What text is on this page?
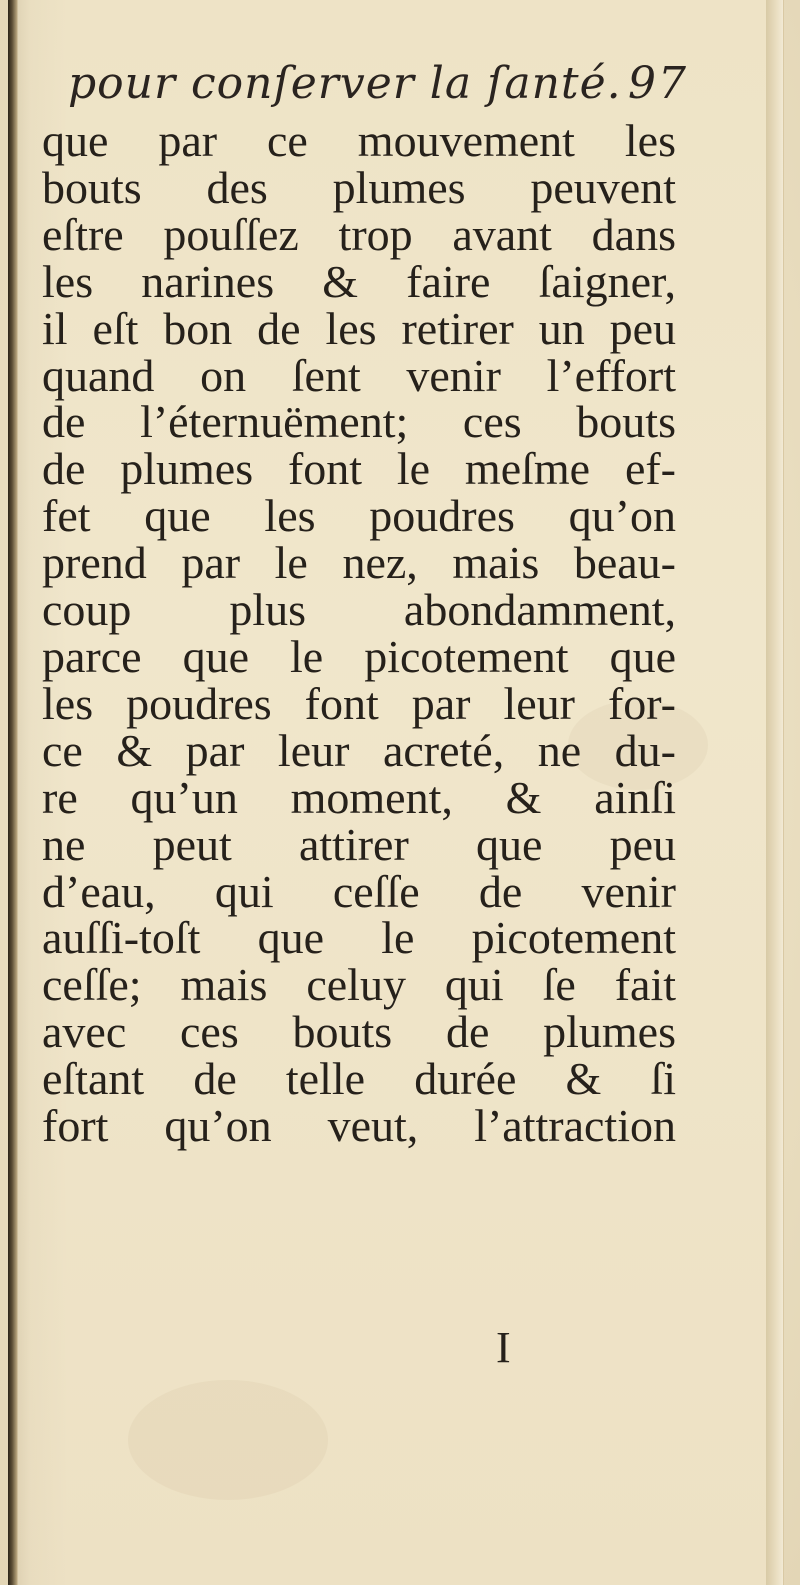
pour conſerver la ſanté. 97
que par ce mouvement les
bouts des plumes peuvent
eſtre pouſſez trop avant dans
les narines & faire ſaigner,
il eſt bon de les retirer un peu
quand on ſent venir l’effort
de l’éternuëment; ces bouts
de plumes font le meſme ef-
fet que les poudres qu’on
prend par le nez, mais beau-
coup plus abondamment,
parce que le picotement que
les poudres font par leur for-
ce & par leur acreté, ne du-
re qu’un moment, & ainſi
ne peut attirer que peu
d’eau, qui ceſſe de venir
auſſi-toſt que le picotement
ceſſe; mais celuy qui ſe fait
avec ces bouts de plumes
eſtant de telle durée & ſi
fort qu’on veut, l’attraction
I
